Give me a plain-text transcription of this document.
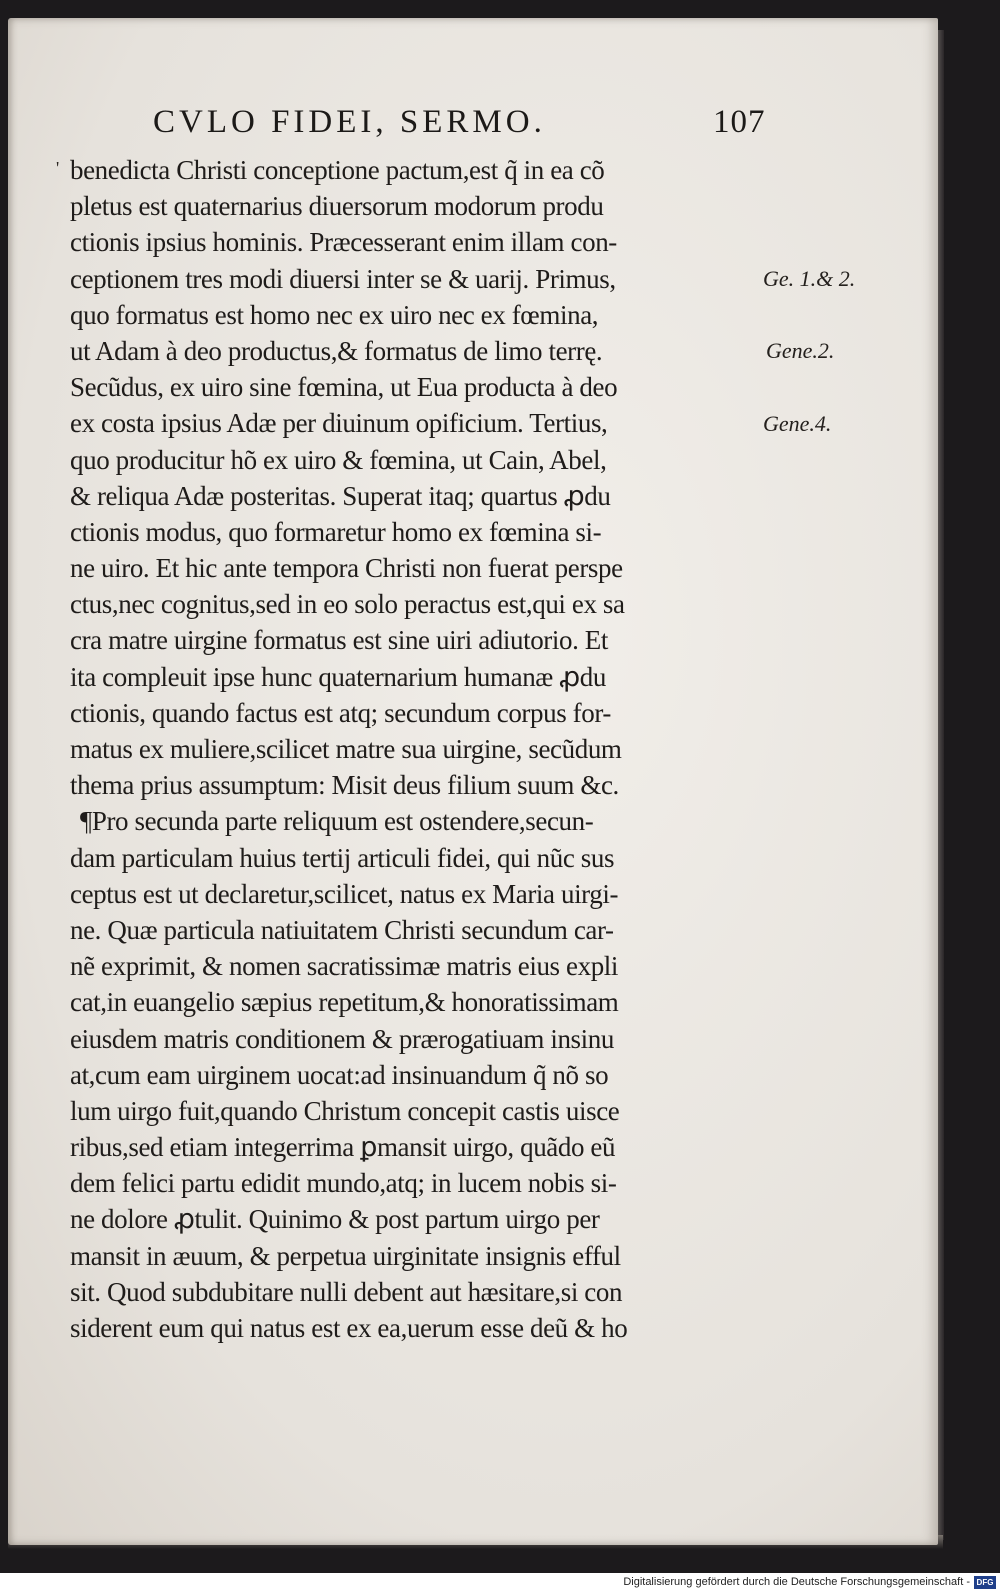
CVLO FIDEI, SERMO.	107
' benedicta Christi conceptione pactum,est q̃ in ea cõ
pletus est quaternarius diuersorum modorum produ
ctionis ipsius hominis. Præcesserant enim illam con-
ceptionem tres modi diuersi inter se & uarij. Primus,
quo formatus est homo nec ex uiro nec ex fœmina,
ut Adam à deo productus,& formatus de limo terrę.
Secũdus, ex uiro sine fœmina, ut Eua producta à deo
ex costa ipsius Adæ per diuinum opificium. Tertius,
quo producitur hõ ex uiro & fœmina, ut Cain, Abel,
& reliqua Adæ posteritas. Superat itaq; quartus ꝓdu
ctionis modus, quo formaretur homo ex fœmina si-
ne uiro. Et hic ante tempora Christi non fuerat perspe
ctus,nec cognitus,sed in eo solo peractus est,qui ex sa
cra matre uirgine formatus est sine uiri adiutorio. Et
ita compleuit ipse hunc quaternarium humanæ ꝓdu
ctionis, quando factus est atq; secundum corpus for-
matus ex muliere,scilicet matre sua uirgine, secũdum
thema prius assumptum: Misit deus filium suum &c.
¶Pro secunda parte reliquum est ostendere,secun-
dam particulam huius tertij articuli fidei, qui nũc sus
ceptus est ut declaretur,scilicet, natus ex Maria uirgi-
ne. Quæ particula natiuitatem Christi secundum car-
nẽ exprimit, & nomen sacratissimæ matris eius expli
cat,in euangelio sæpius repetitum,& honoratissimam
eiusdem matris conditionem & prærogatiuam insinu
at,cum eam uirginem uocat:ad insinuandum q̃ nõ so
lum uirgo fuit,quando Christum concepit castis uisce
ribus,sed etiam integerrima ꝑmansit uirgo, quãdo eũ
dem felici partu edidit mundo,atq; in lucem nobis si-
ne dolore ꝓtulit. Quinimo & post partum uirgo per
mansit in æuum, & perpetua uirginitate insignis efful
sit. Quod subdubitare nulli debent aut hæsitare,si con
siderent eum qui natus est ex ea,uerum esse deũ & ho
Ge. 1.& 2.
Gene.2.
Gene.4.
Digitalisierung gefördert durch die Deutsche Forschungsgemeinschaft - DFG
